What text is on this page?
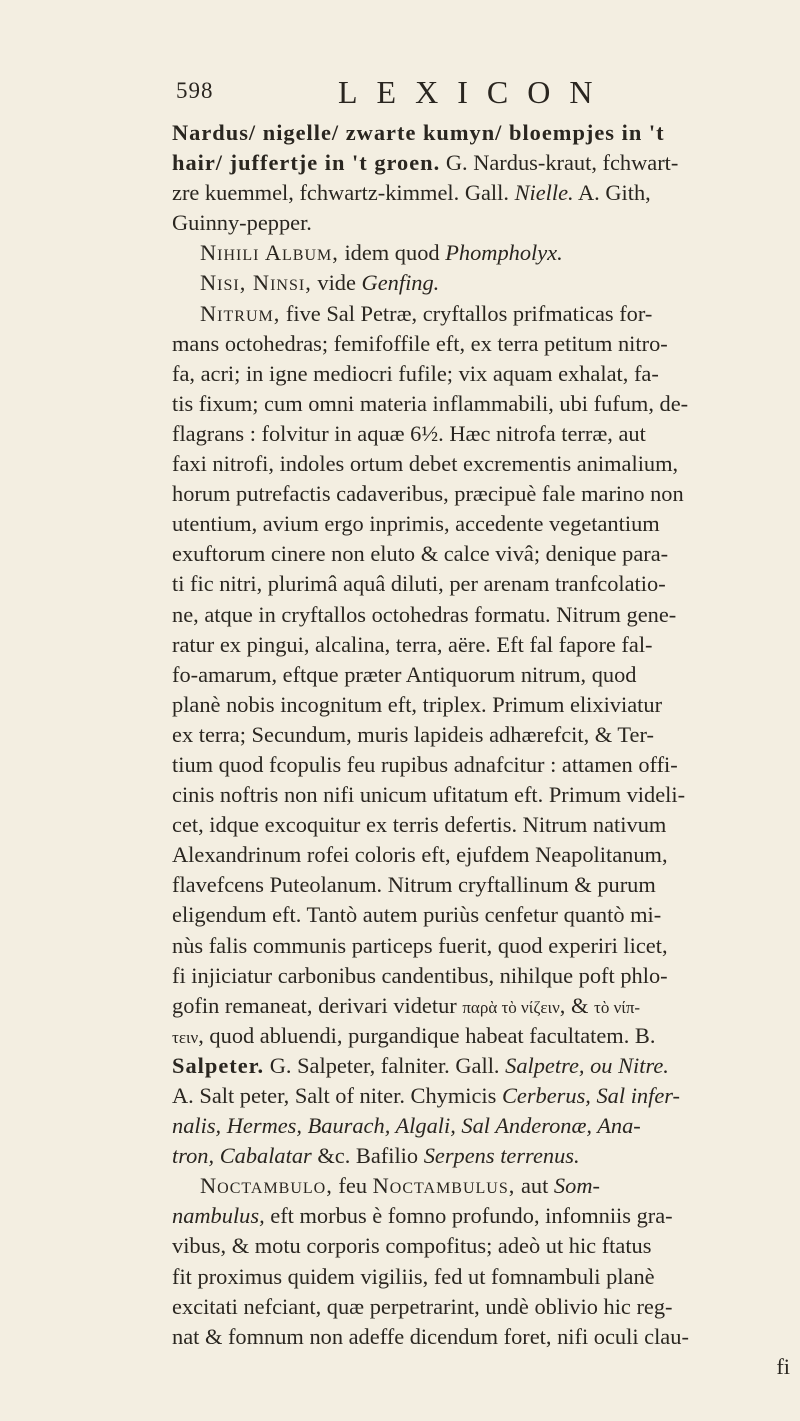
598	LEXICON
Nardus/ nigelle/ zwarte kumyn/ bloempjes in 't
hair/ juffertje in 't groen. G. Nardus-kraut, fchwart-
zre kuemmel, fchwartz-kimmel. Gall. Nielle. A. Gith,
Guinny-pepper.
Nihili Album, idem quod Phompholyx.
Nisi, Ninsi, vide Genfing.
Nitrum, five Sal Petræ, cryftallos prifmaticas for-
mans octohedras; femifoffile eft, ex terra petitum nitro-
fa, acri; in igne mediocri fufile; vix aquam exhalat, fa-
tis fixum; cum omni materia inflammabili, ubi fufum, de-
flagrans : folvitur in aquæ 6½. Hæc nitrofa terræ, aut
faxi nitrofi, indoles ortum debet excrementis animalium,
horum putrefactis cadaveribus, præcipuè fale marino non
utentium, avium ergo inprimis, accedente vegetantium
exuftorum cinere non eluto & calce vivâ; denique para-
ti fic nitri, plurimâ aquâ diluti, per arenam tranfcolatio-
ne, atque in cryftallos octohedras formatu. Nitrum gene-
ratur ex pingui, alcalina, terra, aëre. Eft fal fapore fal-
fo-amarum, eftque præter Antiquorum nitrum, quod
planè nobis incognitum eft, triplex. Primum elixiviatur
ex terra; Secundum, muris lapideis adhærefcit, & Ter-
tium quod fcopulis feu rupibus adnafcitur : attamen offi-
cinis noftris non nifi unicum ufitatum eft. Primum videli-
cet, idque excoquitur ex terris defertis. Nitrum nativum
Alexandrinum rofei coloris eft, ejufdem Neapolitanum,
flavefcens Puteolanum. Nitrum cryftallinum & purum
eligendum eft. Tantò autem puriùs cenfetur quantò mi-
nùs falis communis particeps fuerit, quod experiri licet,
fi injiciatur carbonibus candentibus, nihilque poft phlo-
gofin remaneat, derivari videtur παρὰ τὸ νίζειν, & τὸ νίπ-
τειν, quod abluendi, purgandique habeat facultatem. B.
Salpeter. G. Salpeter, falniter. Gall. Salpetre, ou Nitre.
A. Salt peter, Salt of niter. Chymicis Cerberus, Sal infer-
nalis, Hermes, Baurach, Algali, Sal Anderonæ, Ana-
tron, Cabalatar &c. Bafilio Serpens terrenus.
Noctambulo, feu Noctambulus, aut Som-
nambulus, eft morbus è fomno profundo, infomniis gra-
vibus, & motu corporis compofitus; adeò ut hic ftatus
fit proximus quidem vigiliis, fed ut fomnambuli planè
excitati nefciant, quæ perpetrarint, undè oblivio hic reg-
nat & fomnum non adeffe dicendum foret, nifi oculi clau-
fi
